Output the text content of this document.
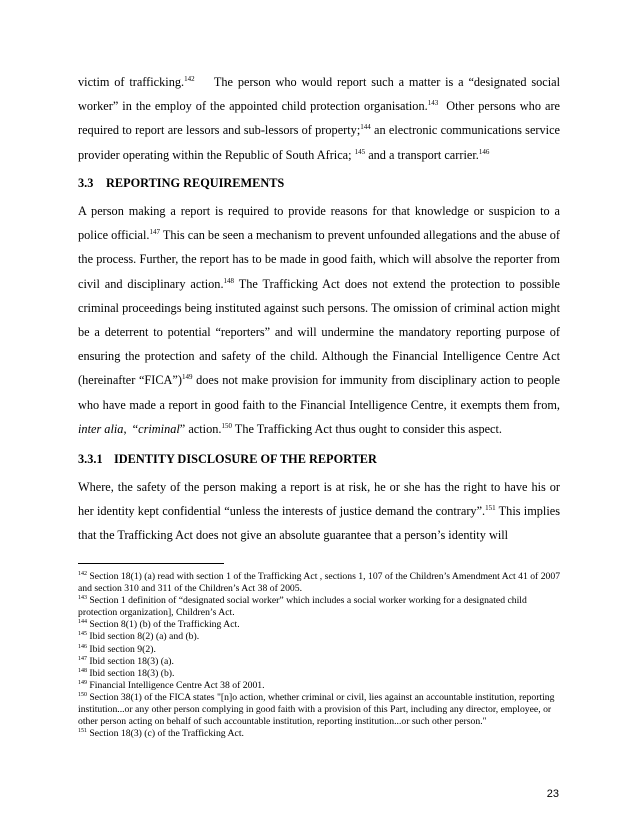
victim of trafficking.$^{142}$    The person who would report such a matter is a “designated social worker” in the employ of the appointed child protection organisation.$^{143}$  Other persons who are required to report are lessors and sub-lessors of property;$^{144}$ an electronic communications service provider operating within the Republic of South Africa; $^{145}$ and a transport carrier.$^{146}$

3.3 REPORTING REQUIREMENTS

A person making a report is required to provide reasons for that knowledge or suspicion to a police official.$^{147}$ This can be seen a mechanism to prevent unfounded allegations and the abuse of the process. Further, the report has to be made in good faith, which will absolve the reporter from civil and disciplinary action.$^{148}$ The Trafficking Act does not extend the protection to possible criminal proceedings being instituted against such persons. The omission of criminal action might be a deterrent to potential “reporters” and will undermine the mandatory reporting purpose of ensuring the protection and safety of the child. Although the Financial Intelligence Centre Act (hereinafter “FICA”)$^{149}$ does not make provision for immunity from disciplinary action to people who have made a report in good faith to the Financial Intelligence Centre, it exempts them from, inter alia,  “criminal” action.$^{150}$ The Trafficking Act thus ought to consider this aspect.

3.3.1 IDENTITY DISCLOSURE OF THE REPORTER

Where, the safety of the person making a report is at risk, he or she has the right to have his or her identity kept confidential “unless the interests of justice demand the contrary”.$^{151}$ This implies that the Trafficking Act does not give an absolute guarantee that a person’s identity will

$^{142}$ Section 18(1) (a) read with section 1 of the Trafficking Act , sections 1, 107 of the Children’s Amendment Act 41 of 2007 and section 310 and 311 of the Children’s Act 38 of 2005.
$^{143}$ Section 1 definition of “designated social worker” which includes a social worker working for a designated child protection organization], Children’s Act.
$^{144}$ Section 8(1) (b) of the Trafficking Act.
$^{145}$ Ibid section 8(2) (a) and (b).
$^{146}$ Ibid section 9(2).
$^{147}$ Ibid section 18(3) (a).
$^{148}$ Ibid section 18(3) (b).
$^{149}$ Financial Intelligence Centre Act 38 of 2001.
$^{150}$ Section 38(1) of the FICA states "[n]o action, whether criminal or civil, lies against an accountable institution, reporting institution...or any other person complying in good faith with a provision of this Part, including any director, employee, or other person acting on behalf of such accountable institution, reporting institution...or such other person."
$^{151}$ Section 18(3) (c) of the Trafficking Act.
23
